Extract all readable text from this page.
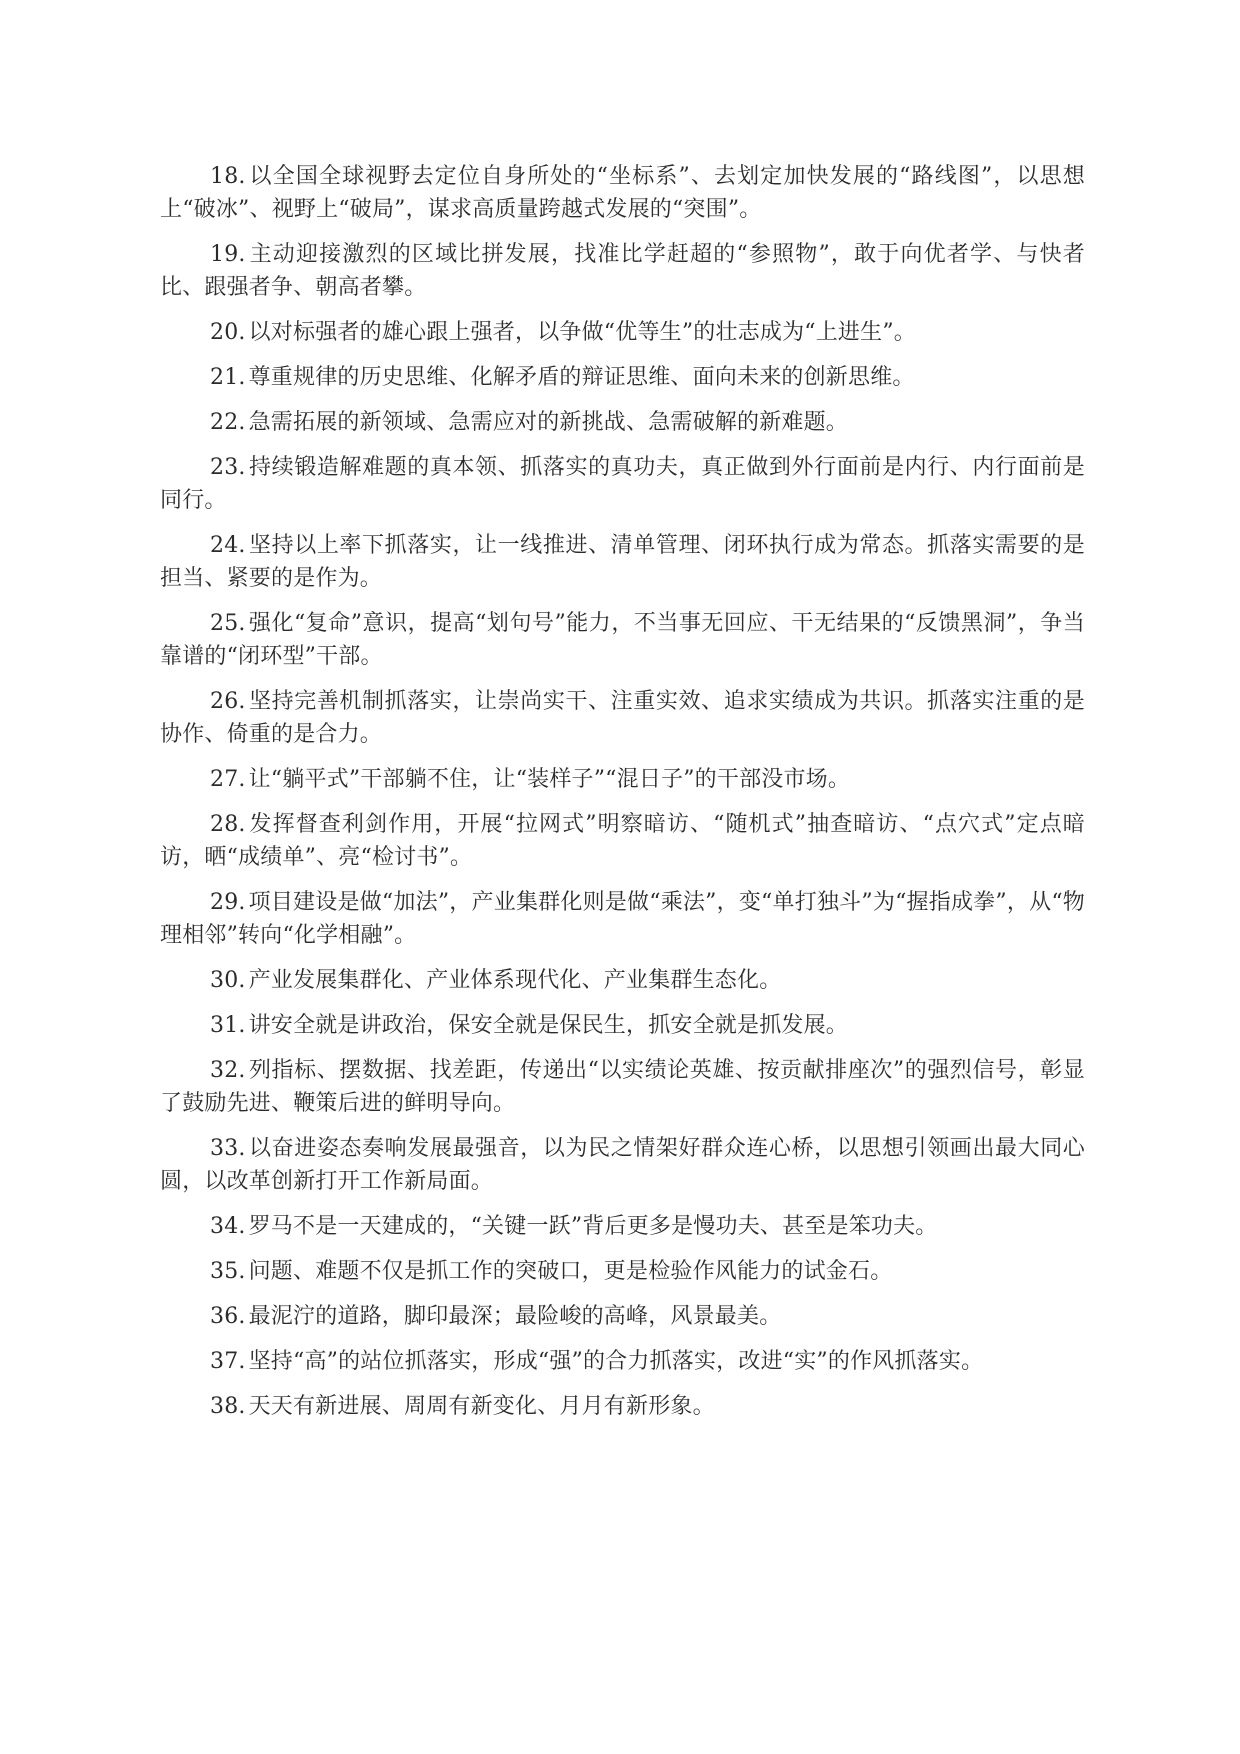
18. 以全国全球视野去定位自身所处的“坐标系”、去划定加快发展的“路线图”，以思想上“破冰”、视野上“破局”，谋求高质量跨越式发展的“突围”。

19. 主动迎接激烈的区域比拼发展，找准比学赶超的“参照物”，敢于向优者学、与快者比、跟强者争、朝高者攀。

20. 以对标强者的雄心跟上强者，以争做“优等生”的壮志成为“上进生”。

21. 尊重规律的历史思维、化解矛盾的辩证思维、面向未来的创新思维。

22. 急需拓展的新领域、急需应对的新挑战、急需破解的新难题。

23. 持续锻造解难题的真本领、抓落实的真功夫，真正做到外行面前是内行、内行面前是同行。

24. 坚持以上率下抓落实，让一线推进、清单管理、闭环执行成为常态。抓落实需要的是担当、紧要的是作为。

25. 强化“复命”意识，提高“划句号”能力，不当事无回应、干无结果的“反馈黑洞”，争当靠谱的“闭环型”干部。

26. 坚持完善机制抓落实，让崇尚实干、注重实效、追求实绩成为共识。抓落实注重的是协作、倚重的是合力。

27. 让“躺平式”干部躺不住，让“装样子”“混日子”的干部没市场。

28. 发挥督查利剑作用，开展“拉网式”明察暗访、“随机式”抽查暗访、“点穴式”定点暗访，晒“成绩单”、亮“检讨书”。

29. 项目建设是做“加法”，产业集群化则是做“乘法”，变“单打独斗”为“握指成拳”，从“物理相邻”转向“化学相融”。

30. 产业发展集群化、产业体系现代化、产业集群生态化。

31. 讲安全就是讲政治，保安全就是保民生，抓安全就是抓发展。

32. 列指标、摆数据、找差距，传递出“以实绩论英雄、按贡献排座次”的强烈信号，彰显了鼓励先进、鞭策后进的鲜明导向。

33. 以奋进姿态奏响发展最强音，以为民之情架好群众连心桥，以思想引领画出最大同心圆，以改革创新打开工作新局面。

34. 罗马不是一天建成的，“关键一跃”背后更多是慢功夫、甚至是笨功夫。

35. 问题、难题不仅是抓工作的突破口，更是检验作风能力的试金石。

36. 最泥泞的道路，脚印最深；最险峻的高峰，风景最美。

37. 坚持“高”的站位抓落实，形成“强”的合力抓落实，改进“实”的作风抓落实。

38. 天天有新进展、周周有新变化、月月有新形象。
